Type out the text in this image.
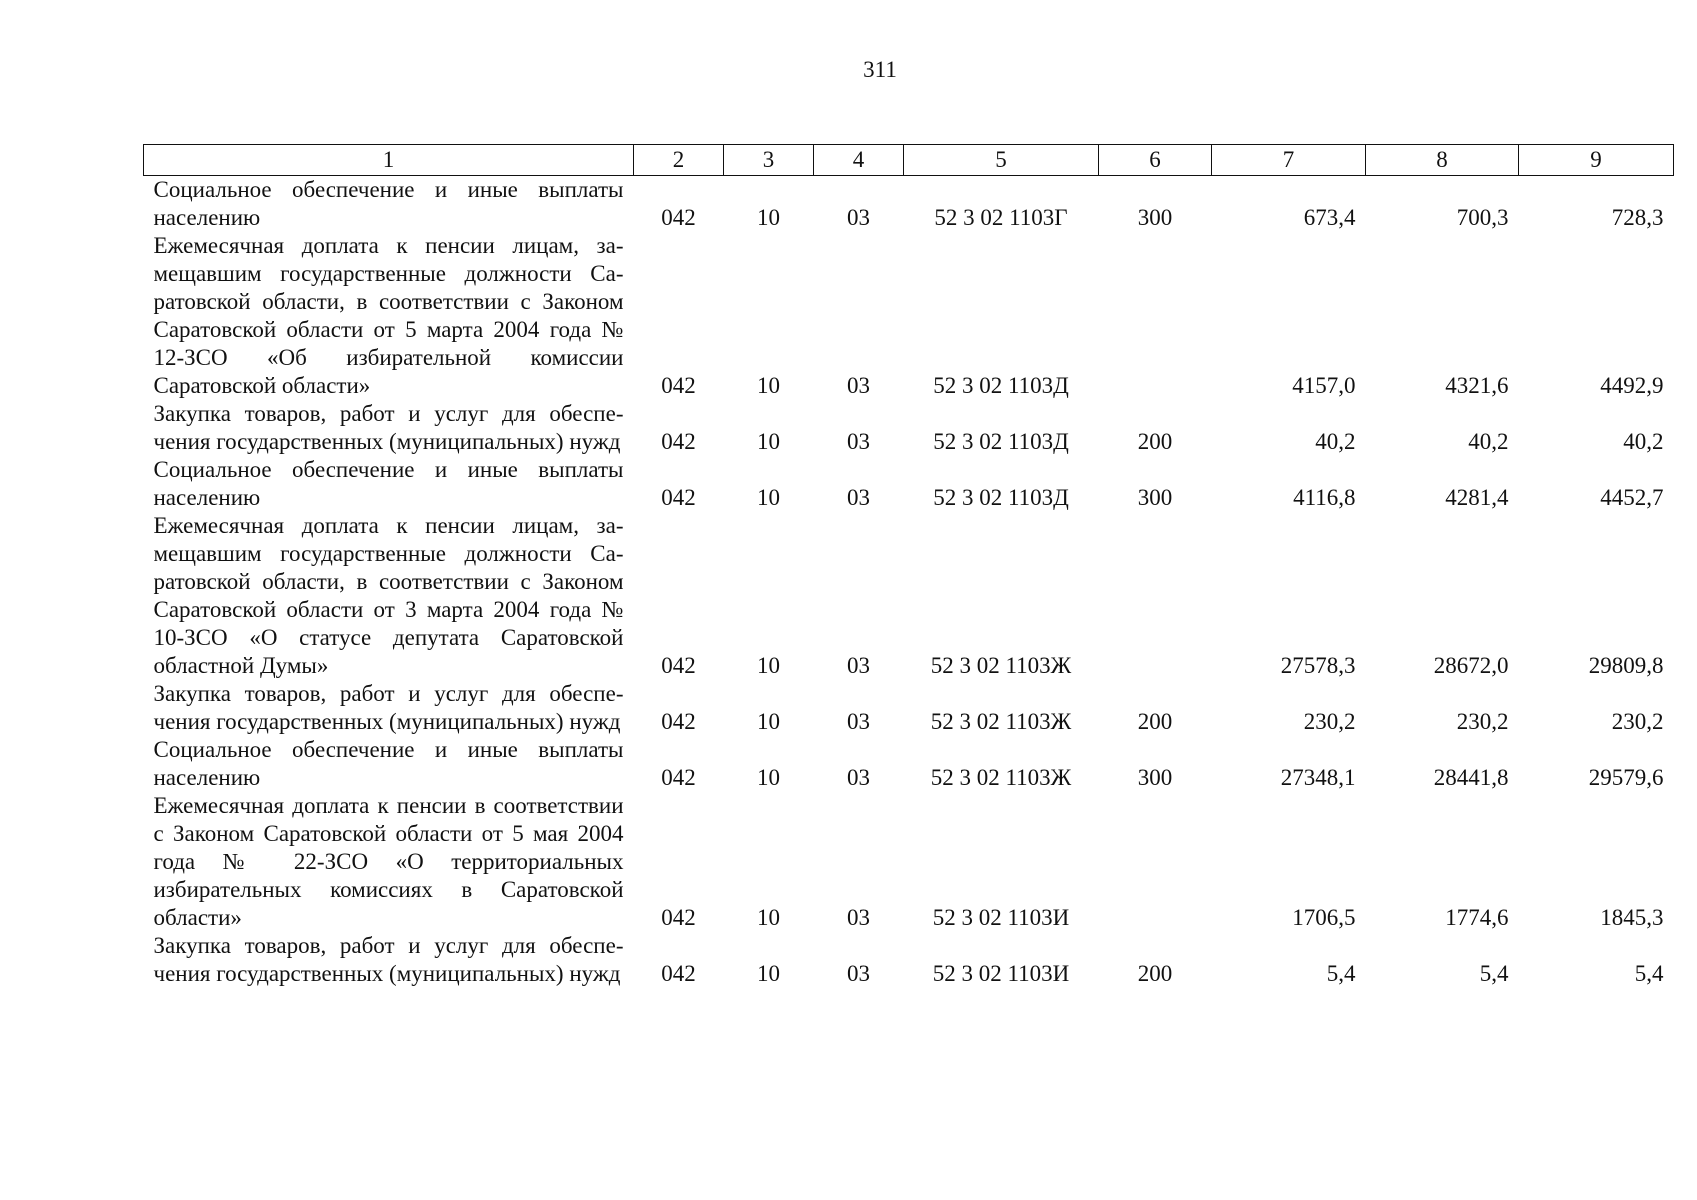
311
1	2	3	4	5	6	7	8	9
Социальное обеспечение и иные выплаты населению	042	10	03	52 3 02 1103Г	300	673,4	700,3	728,3
Ежемесячная доплата к пенсии лицам, замещавшим государственные должности Саратовской области, в соответствии с Законом Саратовской области от 5 марта 2004 года № 12-ЗСО «Об избирательной комиссии Саратовской области»	042	10	03	52 3 02 1103Д		4157,0	4321,6	4492,9
Закупка товаров, работ и услуг для обеспечения государственных (муниципальных) нужд	042	10	03	52 3 02 1103Д	200	40,2	40,2	40,2
Социальное обеспечение и иные выплаты населению	042	10	03	52 3 02 1103Д	300	4116,8	4281,4	4452,7
Ежемесячная доплата к пенсии лицам, замещавшим государственные должности Саратовской области, в соответствии с Законом Саратовской области от 3 марта 2004 года № 10-ЗСО «О статусе депутата Саратовской областной Думы»	042	10	03	52 3 02 1103Ж		27578,3	28672,0	29809,8
Закупка товаров, работ и услуг для обеспечения государственных (муниципальных) нужд	042	10	03	52 3 02 1103Ж	200	230,2	230,2	230,2
Социальное обеспечение и иные выплаты населению	042	10	03	52 3 02 1103Ж	300	27348,1	28441,8	29579,6
Ежемесячная доплата к пенсии в соответствии с Законом Саратовской области от 5 мая 2004 года № 22-ЗСО «О территориальных избирательных комиссиях в Саратовской области»	042	10	03	52 3 02 1103И		1706,5	1774,6	1845,3
Закупка товаров, работ и услуг для обеспечения государственных (муниципальных) нужд	042	10	03	52 3 02 1103И	200	5,4	5,4	5,4
